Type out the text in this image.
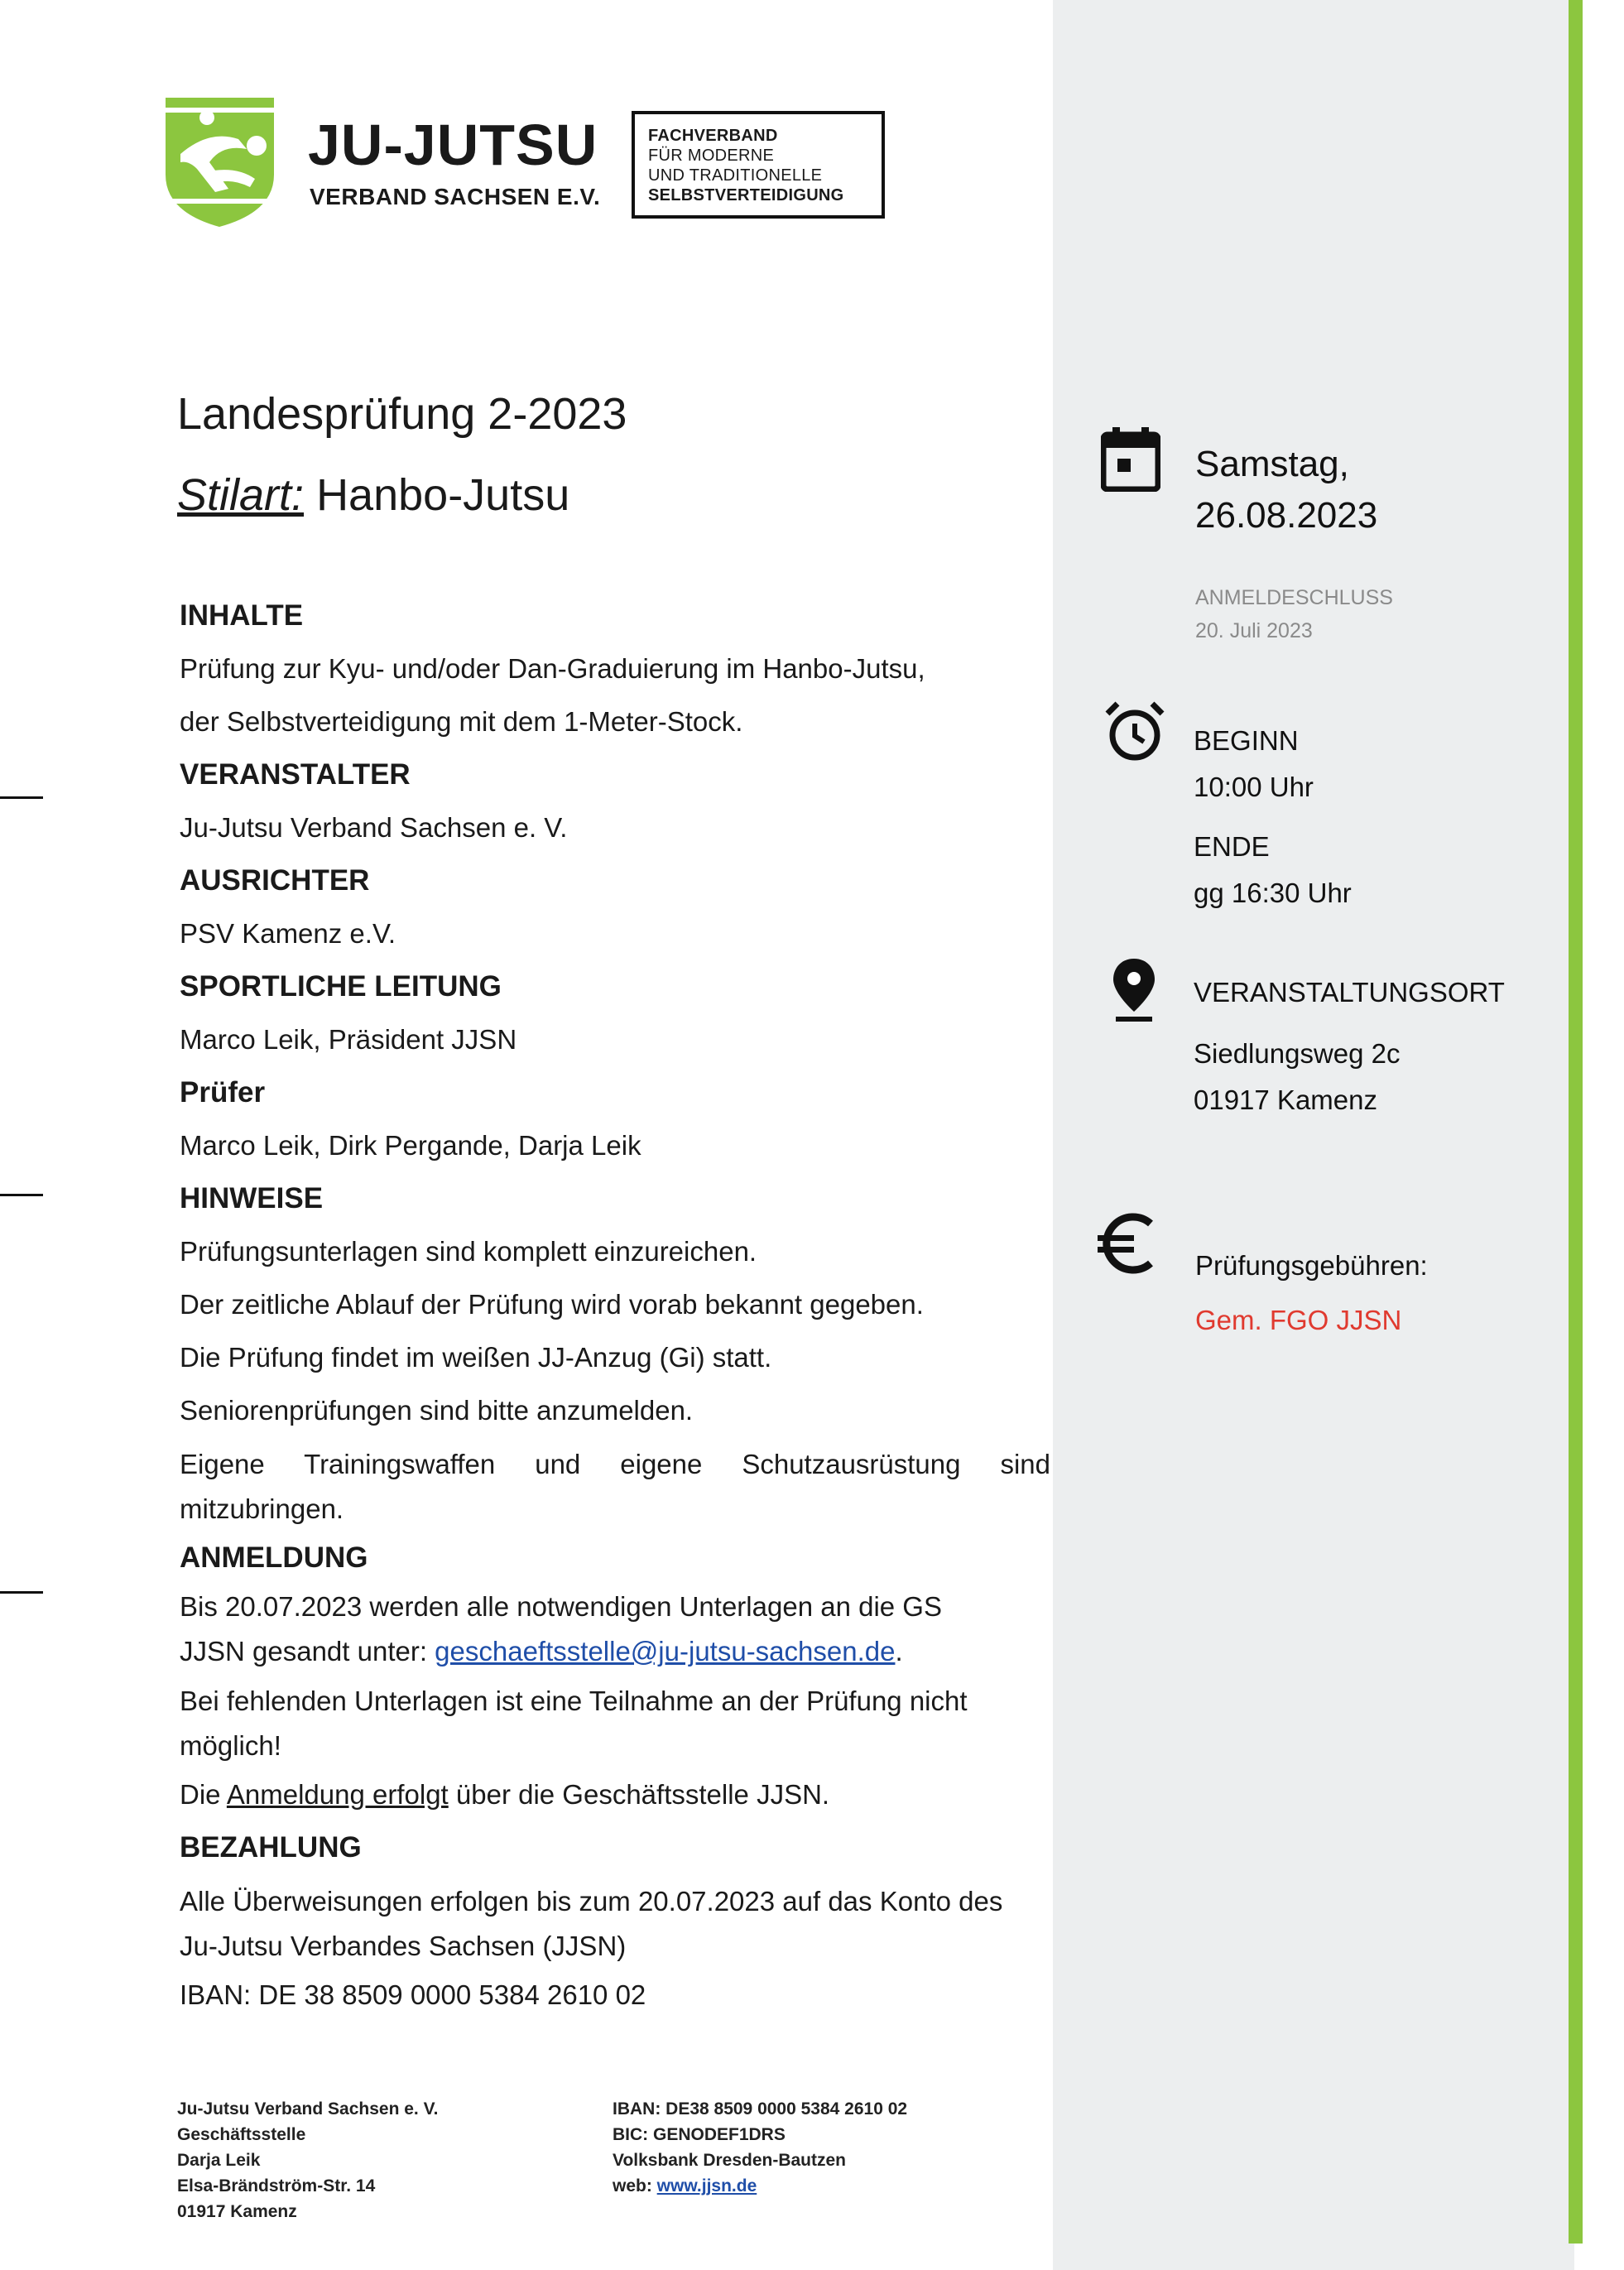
JU-JUTSU
VERBAND SACHSEN E.V.
FACHVERBAND
FÜR MODERNE
UND TRADITIONELLE
SELBSTVERTEIDIGUNG
Landesprüfung 2-2023
Stilart: Hanbo-Jutsu
INHALTE
Prüfung zur Kyu- und/oder Dan-Graduierung im Hanbo-Jutsu,
der Selbstverteidigung mit dem 1-Meter-Stock.
VERANSTALTER
Ju-Jutsu Verband Sachsen e. V.
AUSRICHTER
PSV Kamenz e.V.
SPORTLICHE LEITUNG
Marco Leik, Präsident JJSN
Prüfer
Marco Leik, Dirk Pergande, Darja Leik
HINWEISE
Prüfungsunterlagen sind komplett einzureichen.
Der zeitliche Ablauf der Prüfung wird vorab bekannt gegeben.
Die Prüfung findet im weißen JJ-Anzug (Gi) statt.
Seniorenprüfungen sind bitte anzumelden.
Eigene Trainingswaffen und eigene Schutzausrüstung sind
mitzubringen.
ANMELDUNG
Bis 20.07.2023 werden alle notwendigen Unterlagen an die GS
JJSN gesandt unter: geschaeftsstelle@ju-jutsu-sachsen.de.
Bei fehlenden Unterlagen ist eine Teilnahme an der Prüfung nicht
möglich!
Die Anmeldung erfolgt über die Geschäftsstelle JJSN.
BEZAHLUNG
Alle Überweisungen erfolgen bis zum 20.07.2023 auf das Konto des
Ju-Jutsu Verbandes Sachsen (JJSN)
IBAN: DE 38 8509 0000 5384 2610 02
Samstag,
26.08.2023
ANMELDESCHLUSS
20. Juli 2023
BEGINN
10:00 Uhr
ENDE
gg 16:30 Uhr
VERANSTALTUNGSORT
Siedlungsweg 2c
01917 Kamenz
Prüfungsgebühren:
Gem. FGO JJSN
Ju-Jutsu Verband Sachsen e. V.
Geschäftsstelle
Darja Leik
Elsa-Brändström-Str. 14
01917 Kamenz
IBAN: DE38 8509 0000 5384 2610 02
BIC: GENODEF1DRS
Volksbank Dresden-Bautzen
web: www.jjsn.de
